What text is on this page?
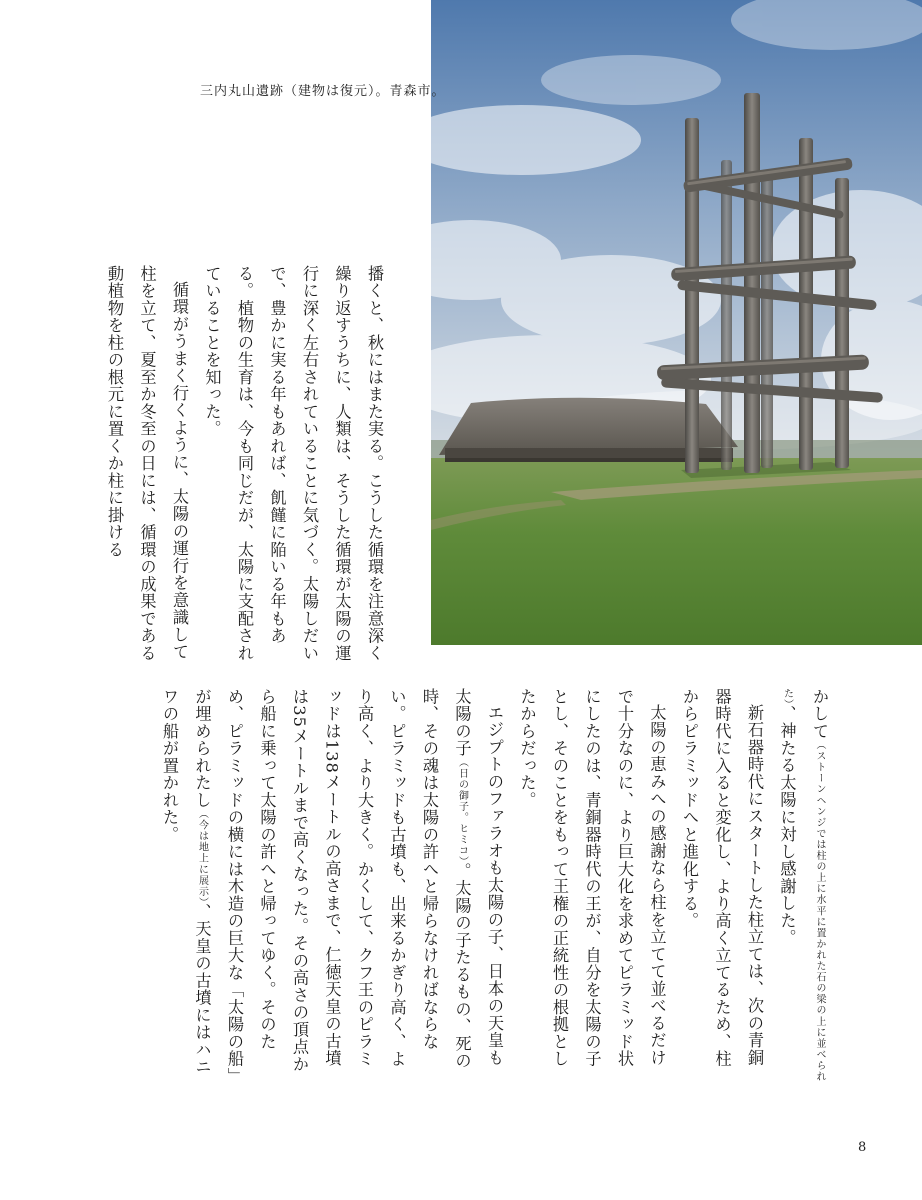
三内丸山遺跡（建物は復元）。青森市。

播くと、秋にはまた実る。こうした循環を注意深く繰り返すうちに、人類は、そうした循環が太陽の運行に深く左右されていることに気づく。太陽しだいで、豊かに実る年もあれば、飢饉に陥いる年もある。植物の生育は、今も同じだが、太陽に支配されていることを知った。

循環がうまく行くように、太陽の運行を意識して柱を立て、夏至か冬至の日には、循環の成果である動植物を柱の根元に置くか柱に掛ける

かして（ストーンヘンジでは柱の上に水平に置かれた石の梁の上に並べられた）、神たる太陽に対し感謝した。

新石器時代にスタートした柱立ては、次の青銅器時代に入ると変化し、より高く立てるため、柱からピラミッドへと進化する。

太陽の恵みへの感謝なら柱を立てて並べるだけで十分なのに、より巨大化を求めてピラミッド状にしたのは、青銅器時代の王が、自分を太陽の子とし、そのことをもって王権の正統性の根拠としたからだった。

エジプトのファラオも太陽の子、日本の天皇も太陽の子（日の御子。ヒミコ）。太陽の子たるもの、死の時、その魂は太陽の許へと帰らなければならない。ピラミッドも古墳も、出来るかぎり高く、より高く、より大きく。かくして、クフ王のピラミッドは138メートルの高さまで、仁徳天皇の古墳は35メートルまで高くなった。その高さの頂点から船に乗って太陽の許へと帰ってゆく。そのため、ピラミッドの横には木造の巨大な「太陽の船」が埋められたし（今は地上に展示）、天皇の古墳にはハニワの船が置かれた。

8
